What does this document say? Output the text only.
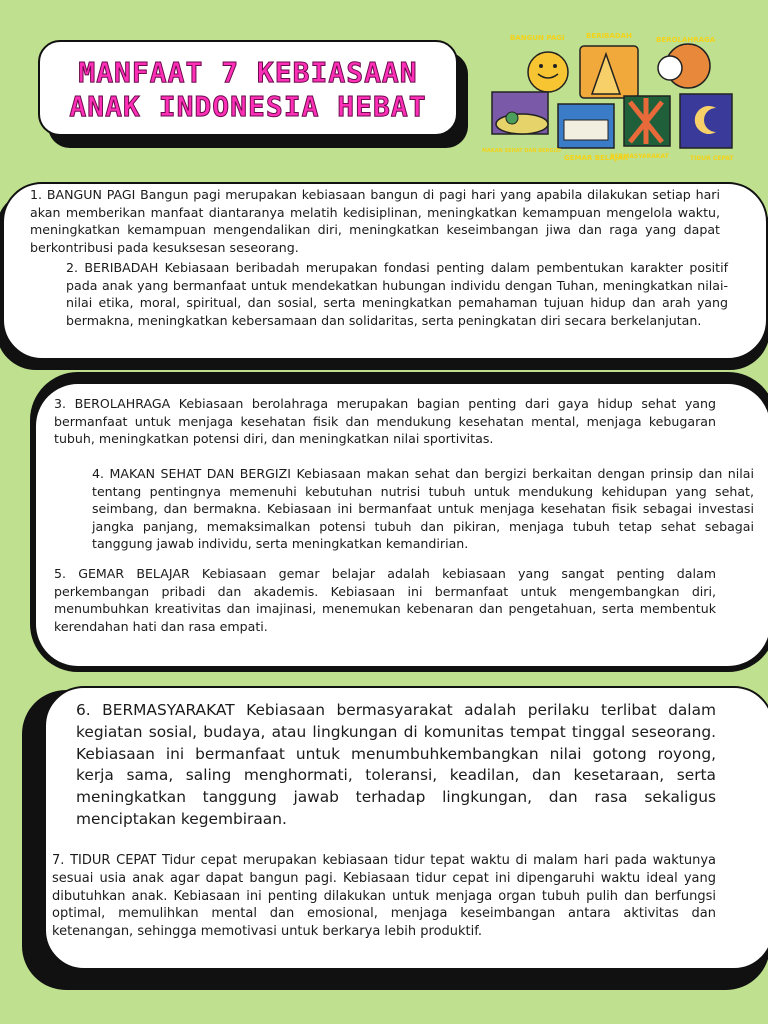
MANFAAT 7 KEBIASAAN
ANAK INDONESIA HEBAT
BANGUN PAGI	BERIBADAH	BEROLAHRAGA
MAKAN SEHAT DAN BERGIZI
GEMAR BELAJAR
BERMASYARAKAT	TIDUR CEPAT

1. BANGUN PAGI Bangun pagi merupakan kebiasaan bangun di pagi hari yang apabila dilakukan setiap hari akan memberikan manfaat diantaranya melatih kedisiplinan, meningkatkan kemampuan mengelola waktu, meningkatkan kemampuan mengendalikan diri, meningkatkan keseimbangan jiwa dan raga yang dapat berkontribusi pada kesuksesan seseorang.

2. BERIBADAH Kebiasaan beribadah merupakan fondasi penting dalam pembentukan karakter positif pada anak yang bermanfaat untuk mendekatkan hubungan individu dengan Tuhan, meningkatkan nilai-nilai etika, moral, spiritual, dan sosial, serta meningkatkan pemahaman tujuan hidup dan arah yang bermakna, meningkatkan kebersamaan dan solidaritas, serta peningkatan diri secara berkelanjutan.

3. BEROLAHRAGA Kebiasaan berolahraga merupakan bagian penting dari gaya hidup sehat yang bermanfaat untuk menjaga kesehatan fisik dan mendukung kesehatan mental, menjaga kebugaran tubuh, meningkatkan potensi diri, dan meningkatkan nilai sportivitas.

4. MAKAN SEHAT DAN BERGIZI Kebiasaan makan sehat dan bergizi berkaitan dengan prinsip dan nilai tentang pentingnya memenuhi kebutuhan nutrisi tubuh untuk mendukung kehidupan yang sehat, seimbang, dan bermakna. Kebiasaan ini bermanfaat untuk menjaga kesehatan fisik sebagai investasi jangka panjang, memaksimalkan potensi tubuh dan pikiran, menjaga tubuh tetap sehat sebagai tanggung jawab individu, serta meningkatkan kemandirian.

5. GEMAR BELAJAR Kebiasaan gemar belajar adalah kebiasaan yang sangat penting dalam perkembangan pribadi dan akademis. Kebiasaan ini bermanfaat untuk mengembangkan diri, menumbuhkan kreativitas dan imajinasi, menemukan kebenaran dan pengetahuan, serta membentuk kerendahan hati dan rasa empati.

6. BERMASYARAKAT Kebiasaan bermasyarakat adalah perilaku terlibat dalam kegiatan sosial, budaya, atau lingkungan di komunitas tempat tinggal seseorang. Kebiasaan ini bermanfaat untuk menumbuhkembangkan nilai gotong royong, kerja sama, saling menghormati, toleransi, keadilan, dan kesetaraan, serta meningkatkan tanggung jawab terhadap lingkungan, dan rasa sekaligus menciptakan kegembiraan.

7. TIDUR CEPAT Tidur cepat merupakan kebiasaan tidur tepat waktu di malam hari pada waktunya sesuai usia anak agar dapat bangun pagi. Kebiasaan tidur cepat ini dipengaruhi waktu ideal yang dibutuhkan anak. Kebiasaan ini penting dilakukan untuk menjaga organ tubuh pulih dan berfungsi optimal, memulihkan mental dan emosional, menjaga keseimbangan antara aktivitas dan ketenangan, sehingga memotivasi untuk berkarya lebih produktif.
